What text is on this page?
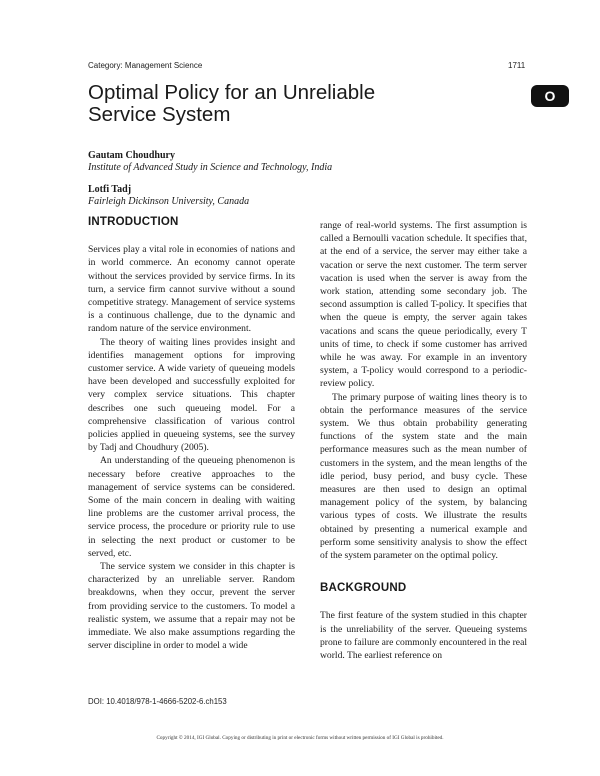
Category: Management Science	1711
O
Optimal Policy for an Unreliable
Service System
Gautam Choudhury
Institute of Advanced Study in Science and Technology, India
Lotfi Tadj
Fairleigh Dickinson University, Canada
INTRODUCTION

Services play a vital role in economies of nations and in world commerce. An economy cannot operate without the services provided by service firms. In its turn, a service firm cannot survive without a sound competitive strategy. Management of service systems is a continuous challenge, due to the dynamic and random nature of the service environment.

The theory of waiting lines provides insight and identifies management options for improving customer service. A wide variety of queueing models have been developed and successfully exploited for very complex service situations. This chapter describes one such queueing model. For a comprehensive classification of various control policies applied in queueing systems, see the survey by Tadj and Choudhury (2005).

An understanding of the queueing phenomenon is necessary before creative approaches to the management of service systems can be considered. Some of the main concern in dealing with waiting line problems are the customer arrival process, the service process, the procedure or priority rule to use in selecting the next product or customer to be served, etc.

The service system we consider in this chapter is characterized by an unreliable server. Random breakdowns, when they occur, prevent the server from providing service to the customers. To model a realistic system, we assume that a repair may not be immediate. We also make assumptions regarding the server discipline in order to model a wide

range of real-world systems. The first assumption is called a Bernoulli vacation schedule. It specifies that, at the end of a service, the server may either take a vacation or serve the next customer. The term server vacation is used when the server is away from the work station, attending some secondary job. The second assumption is called T-policy. It specifies that when the queue is empty, the server again takes vacations and scans the queue periodically, every T units of time, to check if some customer has arrived while he was away. For example in an inventory system, a T-policy would correspond to a periodic-review policy.

The primary purpose of waiting lines theory is to obtain the performance measures of the service system. We thus obtain probability generating functions of the system state and the main performance measures such as the mean number of customers in the system, and the mean lengths of the idle period, busy period, and busy cycle. These measures are then used to design an optimal management policy of the system, by balancing various types of costs. We illustrate the results obtained by presenting a numerical example and perform some sensitivity analysis to show the effect of the system parameter on the optimal policy.

BACKGROUND

The first feature of the system studied in this chapter is the unreliability of the server. Queueing systems prone to failure are commonly encountered in the real world. The earliest reference on

DOI: 10.4018/978-1-4666-5202-6.ch153
Copyright © 2014, IGI Global. Copying or distributing in print or electronic forms without written permission of IGI Global is prohibited.
